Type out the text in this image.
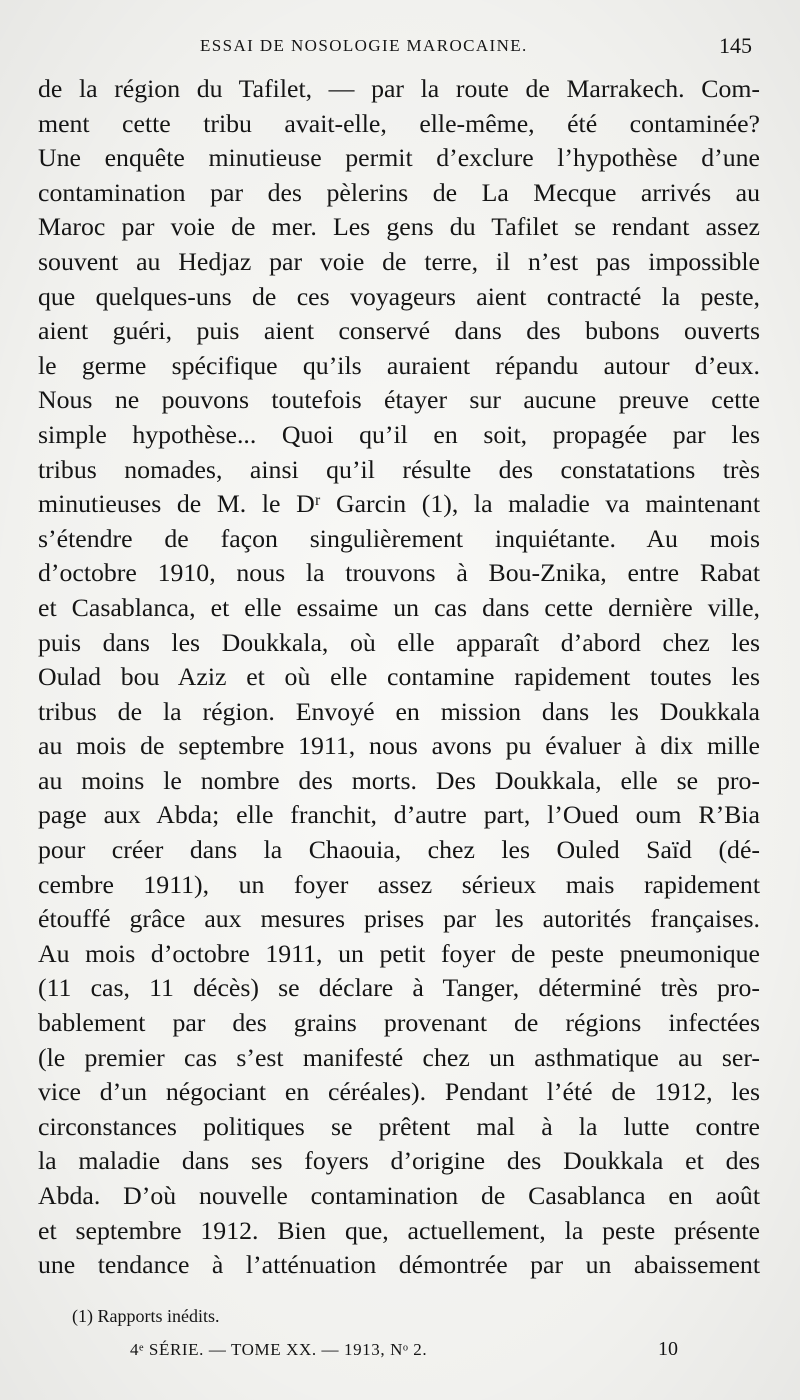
ESSAI DE NOSOLOGIE MAROCAINE.	145
de la région du Tafilet, — par la route de Marrakech. Com-
ment cette tribu avait-elle, elle-même, été contaminée?
Une enquête minutieuse permit d’exclure l’hypothèse d’une
contamination par des pèlerins de La Mecque arrivés au
Maroc par voie de mer. Les gens du Tafilet se rendant assez
souvent au Hedjaz par voie de terre, il n’est pas impossible
que quelques-uns de ces voyageurs aient contracté la peste,
aient guéri, puis aient conservé dans des bubons ouverts
le germe spécifique qu’ils auraient répandu autour d’eux.
Nous ne pouvons toutefois étayer sur aucune preuve cette
simple hypothèse... Quoi qu’il en soit, propagée par les
tribus nomades, ainsi qu’il résulte des constatations très
minutieuses de M. le Dʳ Garcin (1), la maladie va maintenant
s’étendre de façon singulièrement inquiétante. Au mois
d’octobre 1910, nous la trouvons à Bou-Znika, entre Rabat
et Casablanca, et elle essaime un cas dans cette dernière ville,
puis dans les Doukkala, où elle apparaît d’abord chez les
Oulad bou Aziz et où elle contamine rapidement toutes les
tribus de la région. Envoyé en mission dans les Doukkala
au mois de septembre 1911, nous avons pu évaluer à dix mille
au moins le nombre des morts. Des Doukkala, elle se pro-
page aux Abda; elle franchit, d’autre part, l’Oued oum R’Bia
pour créer dans la Chaouia, chez les Ouled Saïd (dé-
cembre 1911), un foyer assez sérieux mais rapidement
étouffé grâce aux mesures prises par les autorités françaises.
Au mois d’octobre 1911, un petit foyer de peste pneumonique
(11 cas, 11 décès) se déclare à Tanger, déterminé très pro-
bablement par des grains provenant de régions infectées
(le premier cas s’est manifesté chez un asthmatique au ser-
vice d’un négociant en céréales). Pendant l’été de 1912, les
circonstances politiques se prêtent mal à la lutte contre
la maladie dans ses foyers d’origine des Doukkala et des
Abda. D’où nouvelle contamination de Casablanca en août
et septembre 1912. Bien que, actuellement, la peste présente
une tendance à l’atténuation démontrée par un abaissement
(1) Rapports inédits.
4ᵉ SÉRIE. — TOME XX. — 1913, Nᵒ 2.	10
